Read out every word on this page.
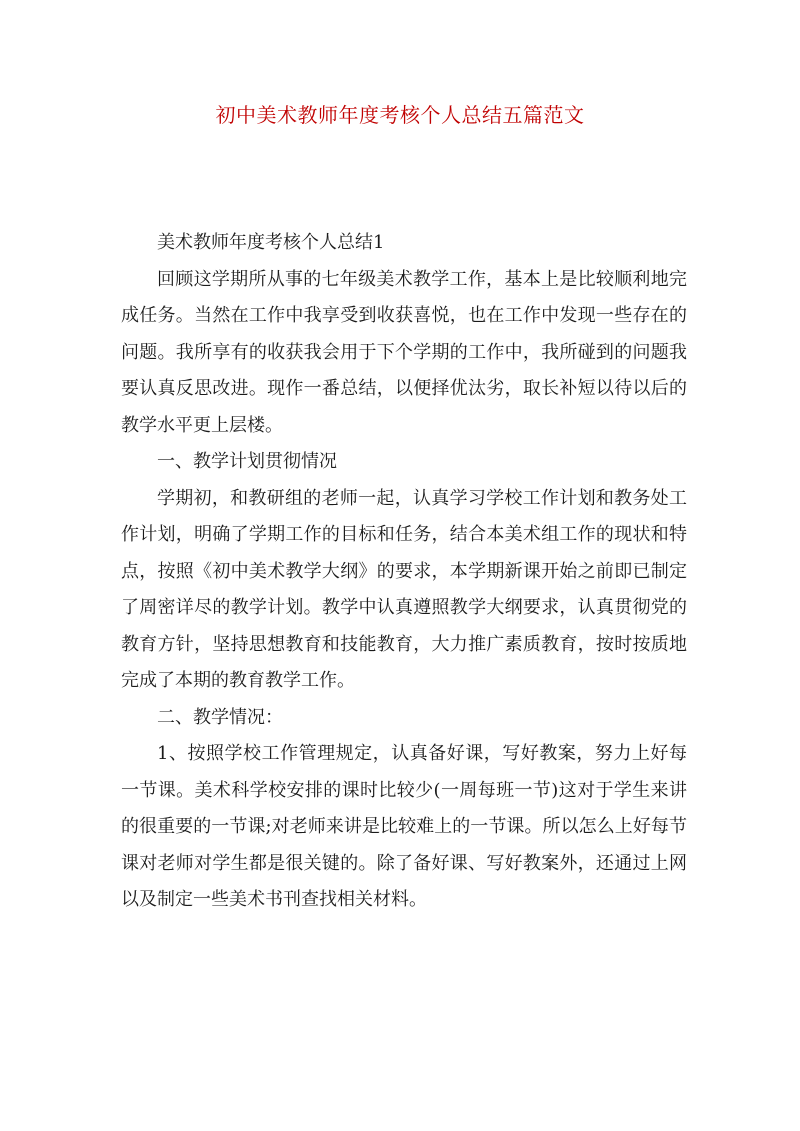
初中美术教师年度考核个人总结五篇范文

美术教师年度考核个人总结1

回顾这学期所从事的七年级美术教学工作，基本上是比较顺利地完成任务。当然在工作中我享受到收获喜悦，也在工作中发现一些存在的问题。我所享有的收获我会用于下个学期的工作中，我所碰到的问题我要认真反思改进。现作一番总结，以便择优汰劣，取长补短以待以后的教学水平更上层楼。

一、教学计划贯彻情况

学期初，和教研组的老师一起，认真学习学校工作计划和教务处工作计划，明确了学期工作的目标和任务，结合本美术组工作的现状和特点，按照《初中美术教学大纲》的要求，本学期新课开始之前即已制定了周密详尽的教学计划。教学中认真遵照教学大纲要求，认真贯彻党的教育方针，坚持思想教育和技能教育，大力推广素质教育，按时按质地完成了本期的教育教学工作。

二、教学情况：

1、按照学校工作管理规定，认真备好课，写好教案，努力上好每一节课。美术科学校安排的课时比较少(一周每班一节)这对于学生来讲的很重要的一节课;对老师来讲是比较难上的一节课。所以怎么上好每节课对老师对学生都是很关键的。除了备好课、写好教案外，还通过上网以及制定一些美术书刊查找相关材料。
